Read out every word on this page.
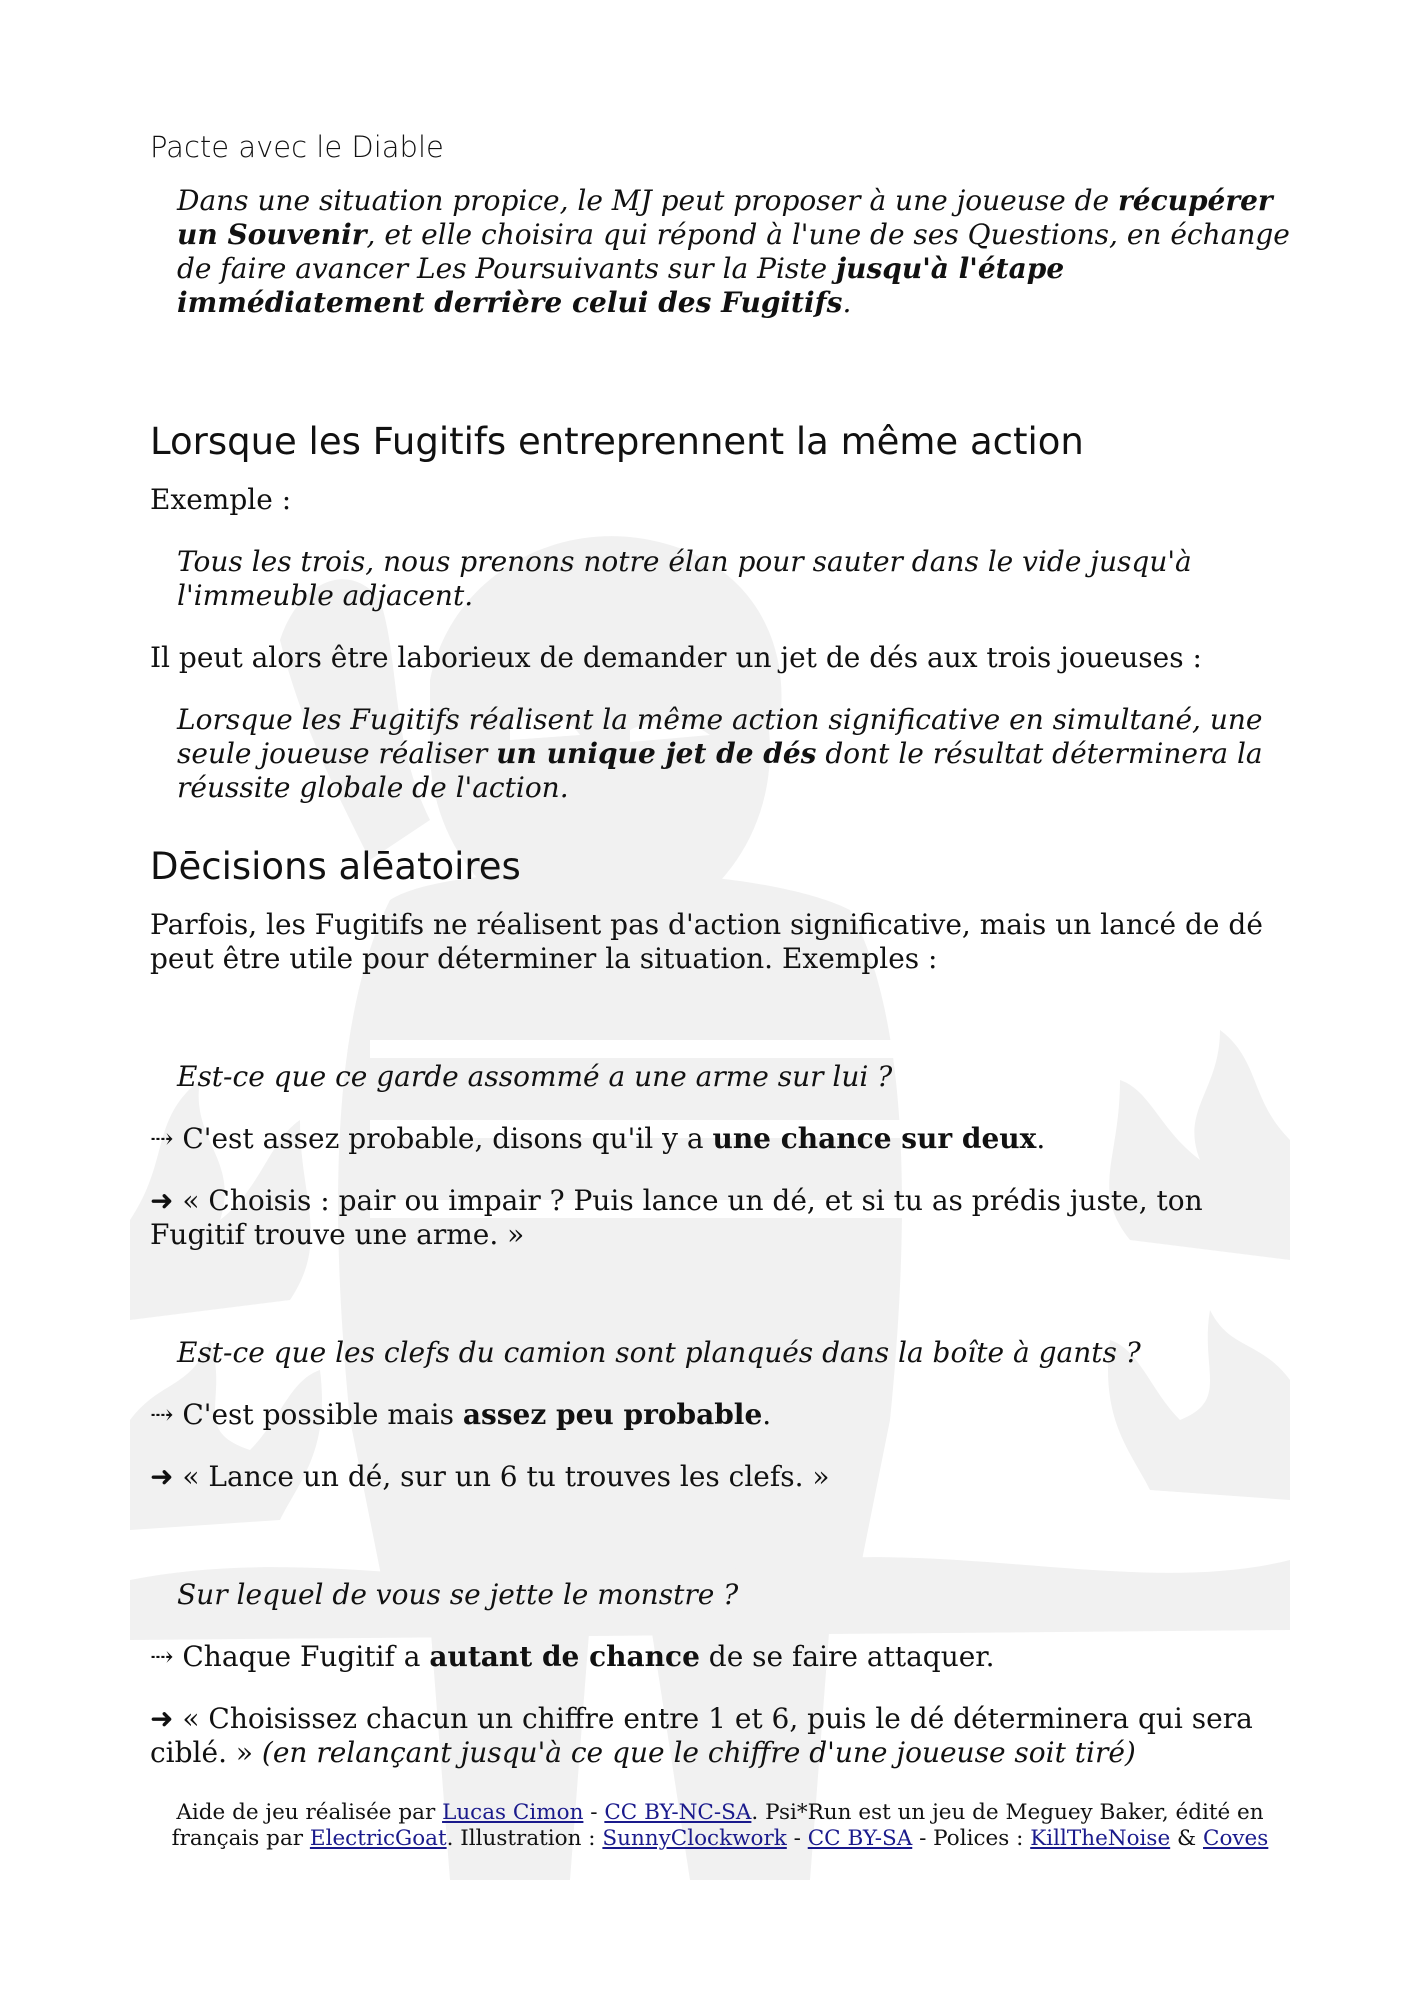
Pacte avec le Diable

Dans une situation propice, le MJ peut proposer à une joueuse de récupérer un Souvenir, et elle choisira qui répond à l'une de ses Questions, en échange de faire avancer Les Poursuivants sur la Piste jusqu'à l'étape immédiatement derrière celui des Fugitifs.

Lorsque les Fugitifs entreprennent la même action

Exemple :

Tous les trois, nous prenons notre élan pour sauter dans le vide jusqu'à l'immeuble adjacent.

Il peut alors être laborieux de demander un jet de dés aux trois joueuses :

Lorsque les Fugitifs réalisent la même action significative en simultané, une seule joueuse réaliser un unique jet de dés dont le résultat déterminera la réussite globale de l'action.

Dēcisions alēatoires

Parfois, les Fugitifs ne réalisent pas d'action significative, mais un lancé de dé peut être utile pour déterminer la situation. Exemples :

Est-ce que ce garde assommé a une arme sur lui ?

⇢ C'est assez probable, disons qu'il y a une chance sur deux.

➜ « Choisis : pair ou impair ? Puis lance un dé, et si tu as prédis juste, ton Fugitif trouve une arme. »

Est-ce que les clefs du camion sont planqués dans la boîte à gants ?

⇢ C'est possible mais assez peu probable.

➜ « Lance un dé, sur un 6 tu trouves les clefs. »

Sur lequel de vous se jette le monstre ?

⇢ Chaque Fugitif a autant de chance de se faire attaquer.

➜ « Choisissez chacun un chiffre entre 1 et 6, puis le dé déterminera qui sera ciblé. » (en relançant jusqu'à ce que le chiffre d'une joueuse soit tiré)

Aide de jeu réalisée par Lucas Cimon - CC BY-NC-SA. Psi*Run est un jeu de Meguey Baker, édité en français par ElectricGoat. Illustration : SunnyClockwork - CC BY-SA - Polices : KillTheNoise & Coves
